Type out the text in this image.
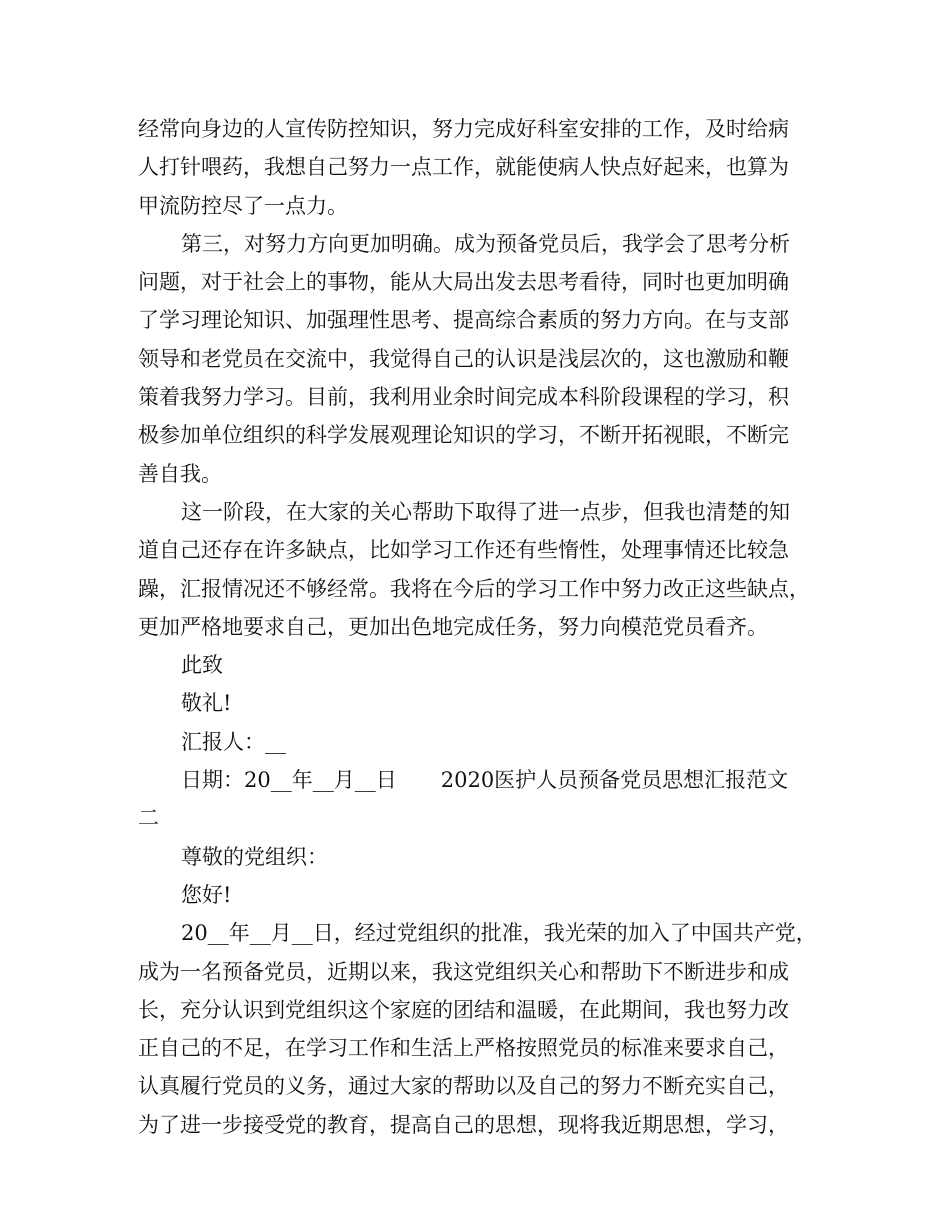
经常向身边的人宣传防控知识，努力完成好科室安排的工作，及时给病
人打针喂药，我想自己努力一点工作，就能使病人快点好起来，也算为
甲流防控尽了一点力。
第三，对努力方向更加明确。成为预备党员后，我学会了思考分析
问题，对于社会上的事物，能从大局出发去思考看待，同时也更加明确
了学习理论知识、加强理性思考、提高综合素质的努力方向。在与支部
领导和老党员在交流中，我觉得自己的认识是浅层次的，这也激励和鞭
策着我努力学习。目前，我利用业余时间完成本科阶段课程的学习，积
极参加单位组织的科学发展观理论知识的学习，不断开拓视眼，不断完
善自我。
这一阶段，在大家的关心帮助下取得了进一点步，但我也清楚的知
道自己还存在许多缺点，比如学习工作还有些惰性，处理事情还比较急
躁，汇报情况还不够经常。我将在今后的学习工作中努力改正这些缺点，
更加严格地要求自己，更加出色地完成任务，努力向模范党员看齐。
此致
敬礼!
汇报人：__
日期：20__年__月__日 2020医护人员预备党员思想汇报范文
二
尊敬的党组织：
您好!
20__年__月__日，经过党组织的批准，我光荣的加入了中国共产党，
成为一名预备党员，近期以来，我这党组织关心和帮助下不断进步和成
长，充分认识到党组织这个家庭的团结和温暖，在此期间，我也努力改
正自己的不足，在学习工作和生活上严格按照党员的标准来要求自己，
认真履行党员的义务，通过大家的帮助以及自己的努力不断充实自己，
为了进一步接受党的教育，提高自己的思想，现将我近期思想，学习，
